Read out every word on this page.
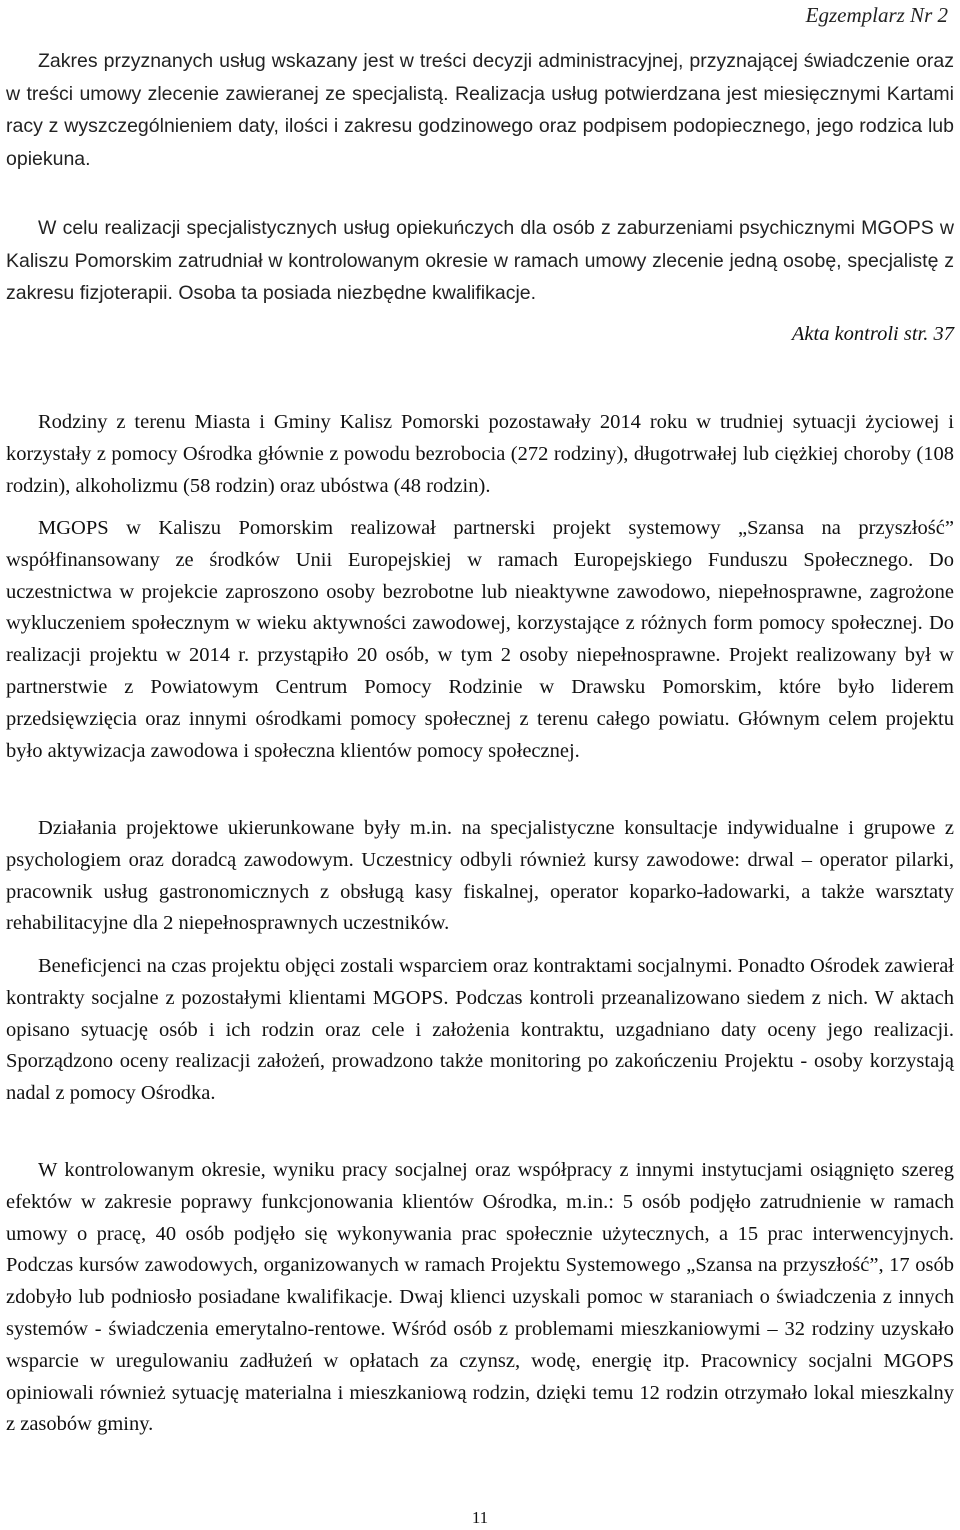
Egzemplarz Nr 2

Zakres przyznanych usług wskazany jest w treści decyzji administracyjnej, przyznającej świadczenie oraz w treści umowy zlecenie zawieranej ze specjalistą. Realizacja usług potwierdzana jest miesięcznymi Kartami racy z wyszczególnieniem daty, ilości i zakresu godzinowego oraz podpisem podopiecznego, jego rodzica lub opiekuna.

W celu realizacji specjalistycznych usług opiekuńczych dla osób z zaburzeniami psychicznymi MGOPS w Kaliszu Pomorskim zatrudniał w kontrolowanym okresie w ramach umowy zlecenie jedną osobę, specjalistę z zakresu fizjoterapii. Osoba ta posiada niezbędne kwalifikacje.

Akta kontroli str. 37

Rodziny z terenu Miasta i Gminy Kalisz Pomorski pozostawały 2014 roku w trudniej sytuacji życiowej i korzystały z pomocy Ośrodka głównie z powodu bezrobocia (272 rodziny), długotrwałej lub ciężkiej choroby (108 rodzin), alkoholizmu (58 rodzin) oraz ubóstwa (48 rodzin).

MGOPS w Kaliszu Pomorskim realizował partnerski projekt systemowy „Szansa na przyszłość” współfinansowany ze środków Unii Europejskiej w ramach Europejskiego Funduszu Społecznego. Do uczestnictwa w projekcie zaproszono osoby bezrobotne lub nieaktywne zawodowo, niepełnosprawne, zagrożone wykluczeniem społecznym w wieku aktywności zawodowej, korzystające z różnych form pomocy społecznej. Do realizacji projektu w 2014 r. przystąpiło 20 osób, w tym 2 osoby niepełnosprawne. Projekt realizowany był w partnerstwie z Powiatowym Centrum Pomocy Rodzinie w Drawsku Pomorskim, które było liderem przedsięwzięcia oraz innymi ośrodkami pomocy społecznej z terenu całego powiatu. Głównym celem projektu było aktywizacja zawodowa i społeczna klientów pomocy społecznej.

Działania projektowe ukierunkowane były m.in. na specjalistyczne konsultacje indywidualne i grupowe z psychologiem oraz doradcą zawodowym. Uczestnicy odbyli również kursy zawodowe: drwal – operator pilarki, pracownik usług gastronomicznych z obsługą kasy fiskalnej, operator koparko-ładowarki, a także warsztaty rehabilitacyjne dla 2 niepełnosprawnych uczestników.

Beneficjenci na czas projektu objęci zostali wsparciem oraz kontraktami socjalnymi. Ponadto Ośrodek zawierał kontrakty socjalne z pozostałymi klientami MGOPS. Podczas kontroli przeanalizowano siedem z nich. W aktach opisano sytuację osób i ich rodzin oraz cele i założenia kontraktu, uzgadniano daty oceny jego realizacji. Sporządzono oceny realizacji założeń, prowadzono także monitoring po zakończeniu Projektu - osoby korzystają nadal z pomocy Ośrodka.

W kontrolowanym okresie, wyniku pracy socjalnej oraz współpracy z innymi instytucjami osiągnięto szereg efektów w zakresie poprawy funkcjonowania klientów Ośrodka, m.in.: 5 osób podjęło zatrudnienie w ramach umowy o pracę, 40 osób podjęło się wykonywania prac społecznie użytecznych, a 15 prac interwencyjnych. Podczas kursów zawodowych, organizowanych w ramach Projektu Systemowego „Szansa na przyszłość”, 17 osób zdobyło lub podniosło posiadane kwalifikacje. Dwaj klienci uzyskali pomoc w staraniach o świadczenia z innych systemów - świadczenia emerytalno-rentowe. Wśród osób z problemami mieszkaniowymi – 32 rodziny uzyskało wsparcie w uregulowaniu zadłużeń w opłatach za czynsz, wodę, energię itp. Pracownicy socjalni MGOPS opiniowali również sytuację materialna i mieszkaniową rodzin, dzięki temu 12 rodzin otrzymało lokal mieszkalny z zasobów gminy.

11
